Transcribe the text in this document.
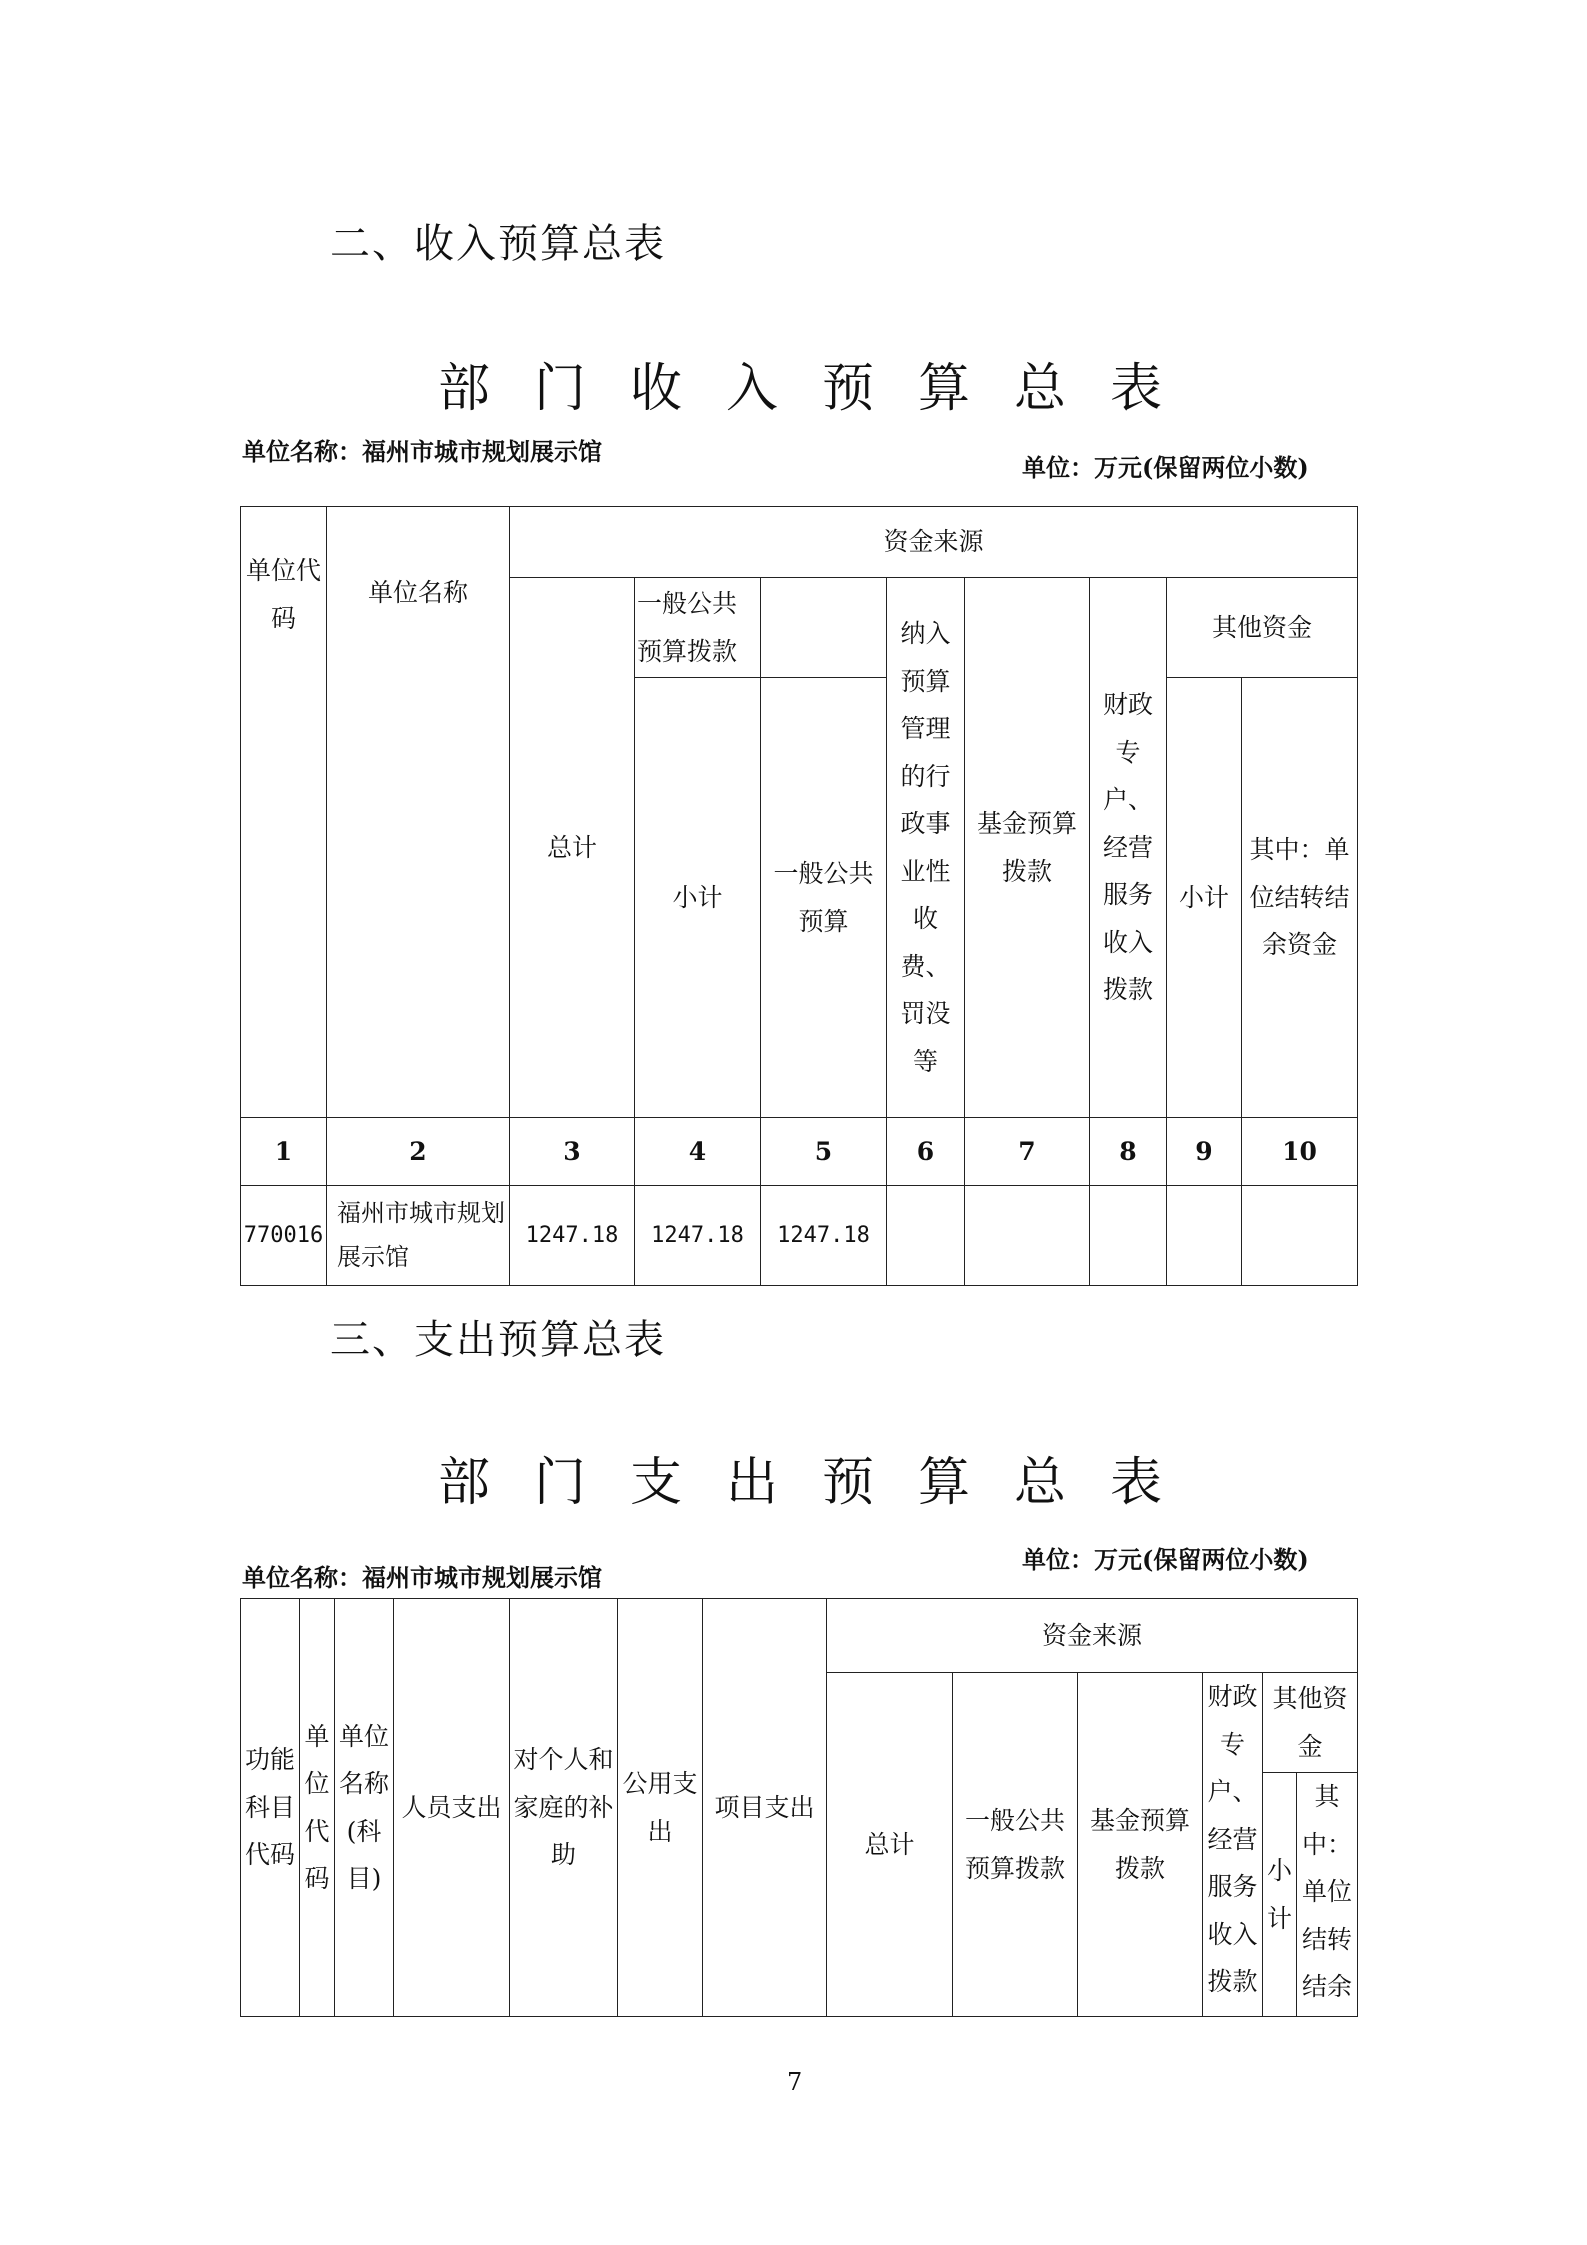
二、收入预算总表
部门收入预算总表
单位名称：福州市城市规划展示馆
单位：万元(保留两位小数)
单位代码	单位名称	资金来源							
		总计	一般公共预算拨款		纳入预算管理的行政事业性收费、罚没等	基金预算拨款	财政专户、经营服务收入拨款	其他资金	
			小计	一般公共预算				小计	其中：单位结转结余资金
1	2	3	4	5	6	7	8	9	10
770016	福州市城市规划展示馆	1247.18	1247.18	1247.18					
三、支出预算总表
部门支出预算总表
单位：万元(保留两位小数)
单位名称：福州市城市规划展示馆
功能科目代码	单位代码	单位名称(科目)	人员支出	对个人和家庭的补助	公用支出	项目支出	资金来源					
							总计	一般公共预算拨款	基金预算拨款	财政专户、经营服务收入拨款	其他资金	
											小计	其中：单位结转结余
7
